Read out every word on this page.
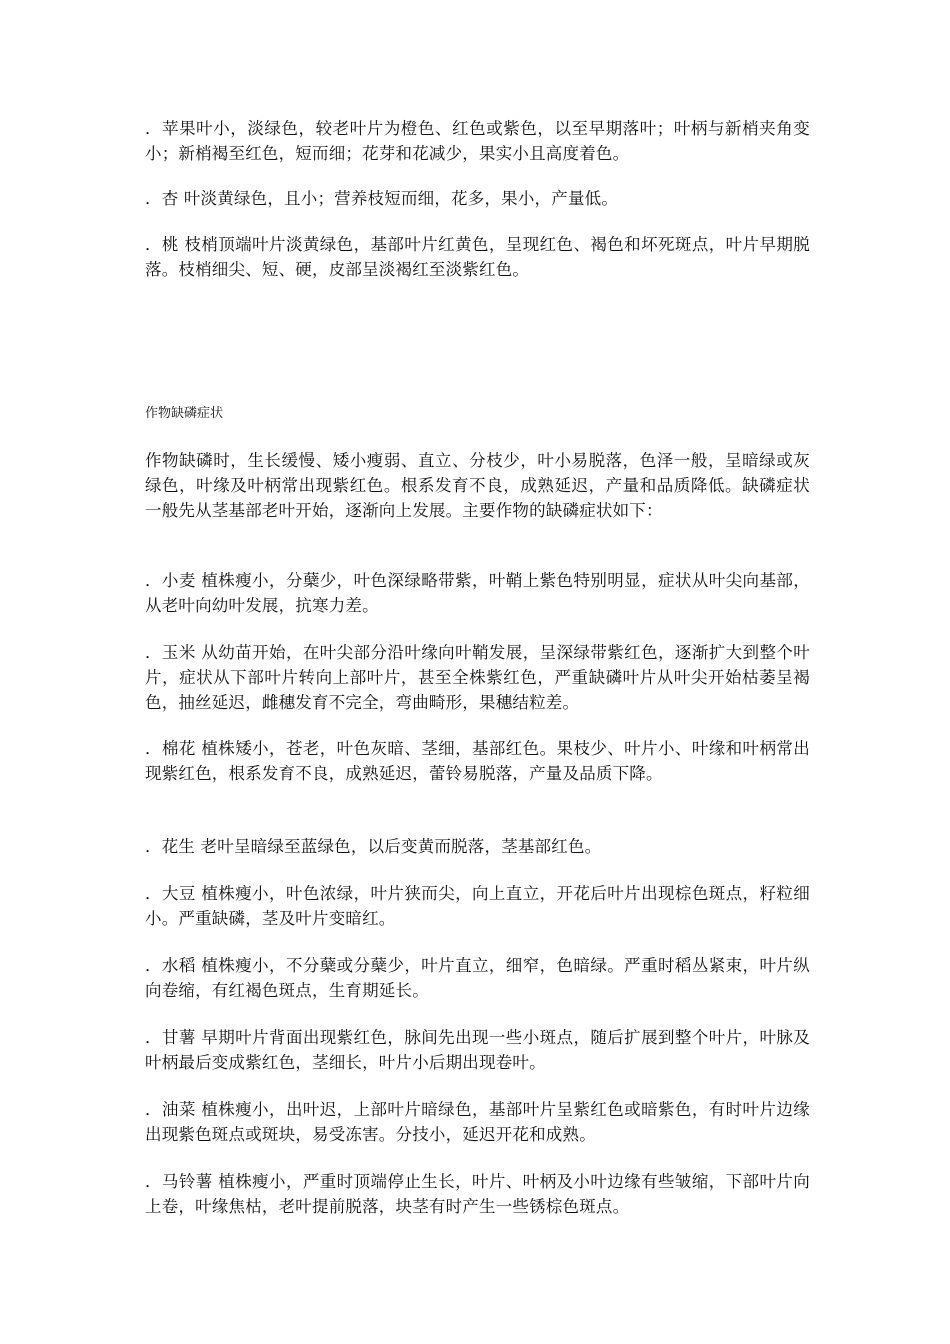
．苹果叶小，淡绿色，较老叶片为橙色、红色或紫色，以至早期落叶；叶柄与新梢夹角变小；新梢褐至红色，短而细；花芽和花减少，果实小且高度着色。

．杏 叶淡黄绿色，且小；营养枝短而细，花多，果小，产量低。

．桃 枝梢顶端叶片淡黄绿色，基部叶片红黄色，呈现红色、褐色和坏死斑点，叶片早期脱落。枝梢细尖、短、硬，皮部呈淡褐红至淡紫红色。

作物缺磷症状

作物缺磷时，生长缓慢、矮小瘦弱、直立、分枝少，叶小易脱落，色泽一般，呈暗绿或灰绿色，叶缘及叶柄常出现紫红色。根系发育不良，成熟延迟，产量和品质降低。缺磷症状一般先从茎基部老叶开始，逐渐向上发展。主要作物的缺磷症状如下：

．小麦 植株瘦小，分蘖少，叶色深绿略带紫，叶鞘上紫色特别明显，症状从叶尖向基部，从老叶向幼叶发展，抗寒力差。

．玉米 从幼苗开始，在叶尖部分沿叶缘向叶鞘发展，呈深绿带紫红色，逐渐扩大到整个叶片，症状从下部叶片转向上部叶片，甚至全株紫红色，严重缺磷叶片从叶尖开始枯萎呈褐色，抽丝延迟，雌穗发育不完全，弯曲畸形，果穗结粒差。

．棉花 植株矮小，苍老，叶色灰暗、茎细，基部红色。果枝少、叶片小、叶缘和叶柄常出现紫红色，根系发育不良，成熟延迟，蕾铃易脱落，产量及品质下降。

．花生 老叶呈暗绿至蓝绿色，以后变黄而脱落，茎基部红色。

．大豆 植株瘦小，叶色浓绿，叶片狭而尖，向上直立，开花后叶片出现棕色斑点，籽粒细小。严重缺磷，茎及叶片变暗红。

．水稻 植株瘦小，不分蘖或分蘖少，叶片直立，细窄，色暗绿。严重时稻丛紧束，叶片纵向卷缩，有红褐色斑点，生育期延长。

．甘薯 早期叶片背面出现紫红色，脉间先出现一些小斑点，随后扩展到整个叶片，叶脉及叶柄最后变成紫红色，茎细长，叶片小后期出现卷叶。

．油菜 植株瘦小，出叶迟，上部叶片暗绿色，基部叶片呈紫红色或暗紫色，有时叶片边缘出现紫色斑点或斑块，易受冻害。分技小，延迟开花和成熟。

．马铃薯 植株瘦小，严重时顶端停止生长，叶片、叶柄及小叶边缘有些皱缩，下部叶片向上卷，叶缘焦枯，老叶提前脱落，块茎有时产生一些锈棕色斑点。
